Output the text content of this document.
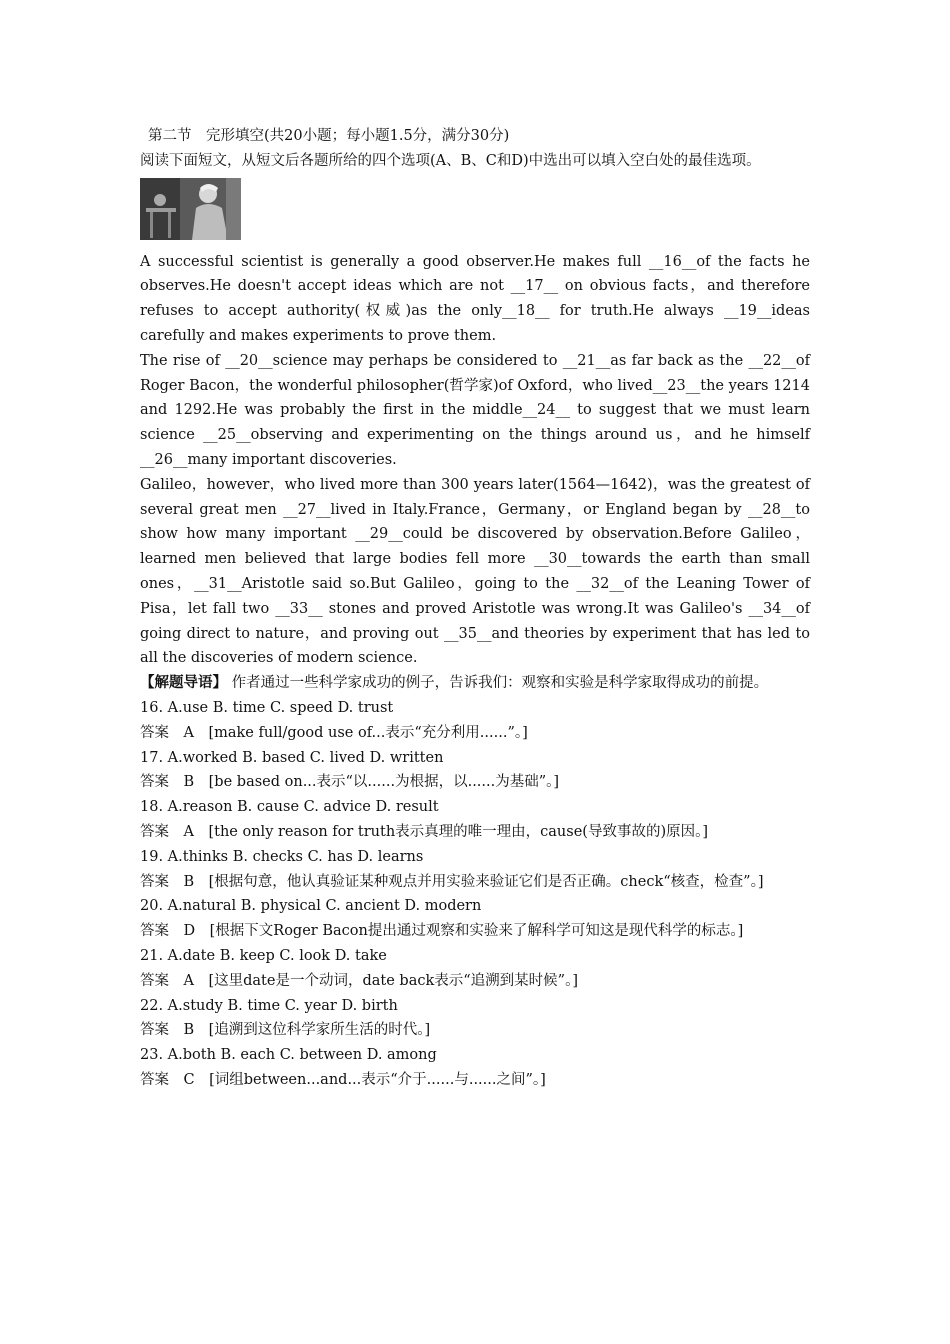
第二节　完形填空(共20小题；每小题1.5分，满分30分)

阅读下面短文，从短文后各题所给的四个选项(A、B、C和D)中选出可以填入空白处的最佳选项。

A successful scientist is generally a good observer.He makes full __16__of the facts he observes.He doesn't accept ideas which are not __17__ on obvious facts，and therefore refuses to accept authority(权威)as the only__18__ for truth.He always __19__ideas carefully and makes experiments to prove them.

The rise of __20__science may perhaps be considered to __21__as far back as the __22__of Roger Bacon，the wonderful philosopher(哲学家)of Oxford，who lived__23__the years 1214 and 1292.He was probably the first in the middle__24__ to suggest that we must learn science __25__observing and experimenting on the things around us，and he himself __26__many important discoveries.

Galileo，however，who lived more than 300 years later(1564—1642)，was the greatest of several great men __27__lived in Italy.France，Germany，or England began by __28__to show how many important __29__could be discovered by observation.Before Galileo，learned men believed that large bodies fell more __30__towards the earth than small ones，__31__Aristotle said so.But Galileo，going to the __32__of the Leaning Tower of Pisa，let fall two __33__ stones and proved Aristotle was wrong.It was Galileo's __34__of going direct to nature，and proving out __35__and theories by experiment that has led to all the discoveries of modern science.

【解题导语】 作者通过一些科学家成功的例子，告诉我们：观察和实验是科学家取得成功的前提。

16. A.use B. time C. speed D. trust

答案　A　[make full/good use of...表示“充分利用......”。]

17. A.worked B. based C. lived D. written

答案　B　[be based on...表示“以......为根据，以......为基础”。]

18. A.reason B. cause C. advice D. result

答案　A　[the only reason for truth表示真理的唯一理由，cause(导致事故的)原因。]

19. A.thinks B. checks C. has D. learns

答案　B　[根据句意，他认真验证某种观点并用实验来验证它们是否正确。check“核查，检查”。]

20. A.natural B. physical C. ancient D. modern

答案　D　[根据下文Roger Bacon提出通过观察和实验来了解科学可知这是现代科学的标志。]

21. A.date B. keep C. look D. take

答案　A　[这里date是一个动词，date back表示“追溯到某时候”。]

22. A.study B. time C. year D. birth

答案　B　[追溯到这位科学家所生活的时代。]

23. A.both B. each C. between D. among

答案　C　[词组between...and...表示“介于......与......之间”。]
